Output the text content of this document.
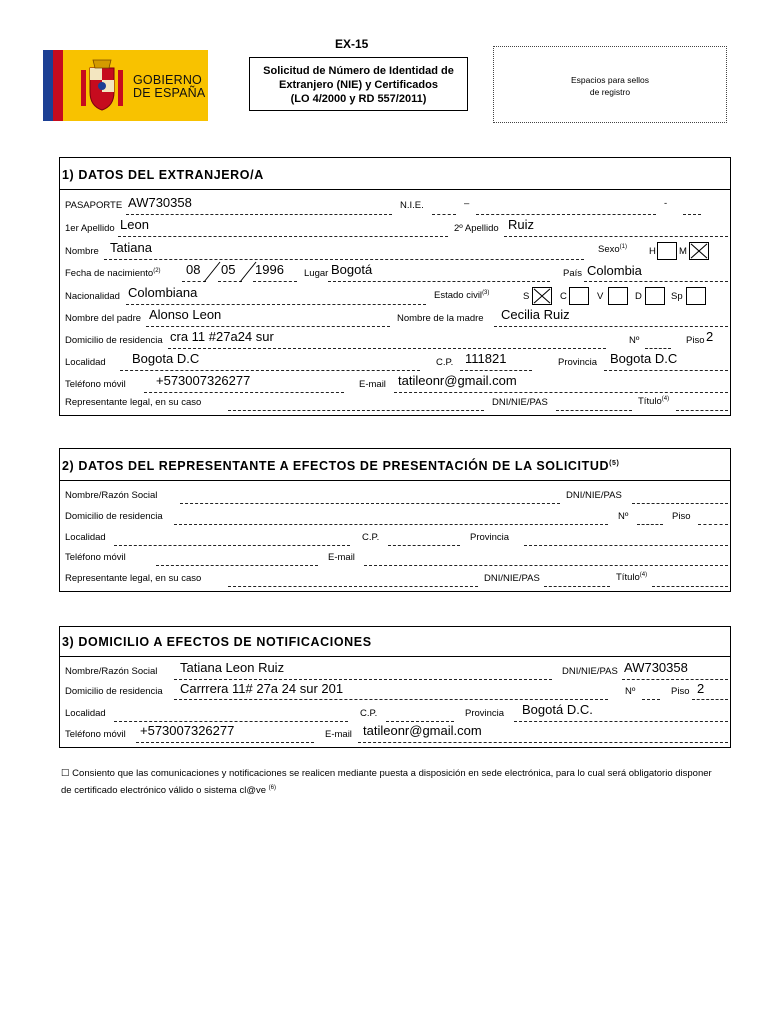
GOBIERNO
DE ESPAÑA
EX-15
Solicitud de Número de Identidad de
Extranjero (NIE) y Certificados
(LO 4/2000 y RD 557/2011)
Espacios para sellos
de registro
1) DATOS DEL EXTRANJERO/A
PASAPORTE AW730358	N.I.E.	–	-
1er Apellido Leon	2º Apellido Ruiz
Nombre Tatiana	Sexo$^{(1)}$ H M
Fecha de nacimiento$^{(2)}$ 08 05 1996 Lugar Bogotá	País Colombia
Nacionalidad Colombiana	Estado civil$^{(3)}$	S	C	V	D	Sp
Nombre del padre Alonso Leon	Nombre de la madre Cecilia Ruiz
Domicilio de residencia cra 11 #27a24 sur	Nº	Piso 2
Localidad Bogota D.C	C.P. 111821	Provincia Bogota D.C
Teléfono móvil +573007326277	E-mail tatileonr@gmail.com
Representante legal, en su caso	DNI/NIE/PAS	Título$^{(4)}$
2) DATOS DEL REPRESENTANTE A EFECTOS DE PRESENTACIÓN DE LA SOLICITUD$^{(5)}$
Nombre/Razón Social	DNI/NIE/PAS
Domicilio de residencia	Nº	Piso
Localidad	C.P.	Provincia
Teléfono móvil	E-mail
Representante legal, en su caso	DNI/NIE/PAS	Título$^{(4)}$
3) DOMICILIO A EFECTOS DE NOTIFICACIONES
Nombre/Razón Social Tatiana Leon Ruiz	DNI/NIE/PAS AW730358
Domicilio de residencia Carrrera 11# 27a 24 sur 201	Nº	Piso 2
Localidad	C.P.	Provincia Bogotá D.C.
Teléfono móvil +573007326277	E-mail tatileonr@gmail.com
☐ Consiento que las comunicaciones y notificaciones se realicen mediante puesta a disposición en sede electrónica, para lo cual será obligatorio disponer
de certificado electrónico válido o sistema cl@ve $^{(6)}$
